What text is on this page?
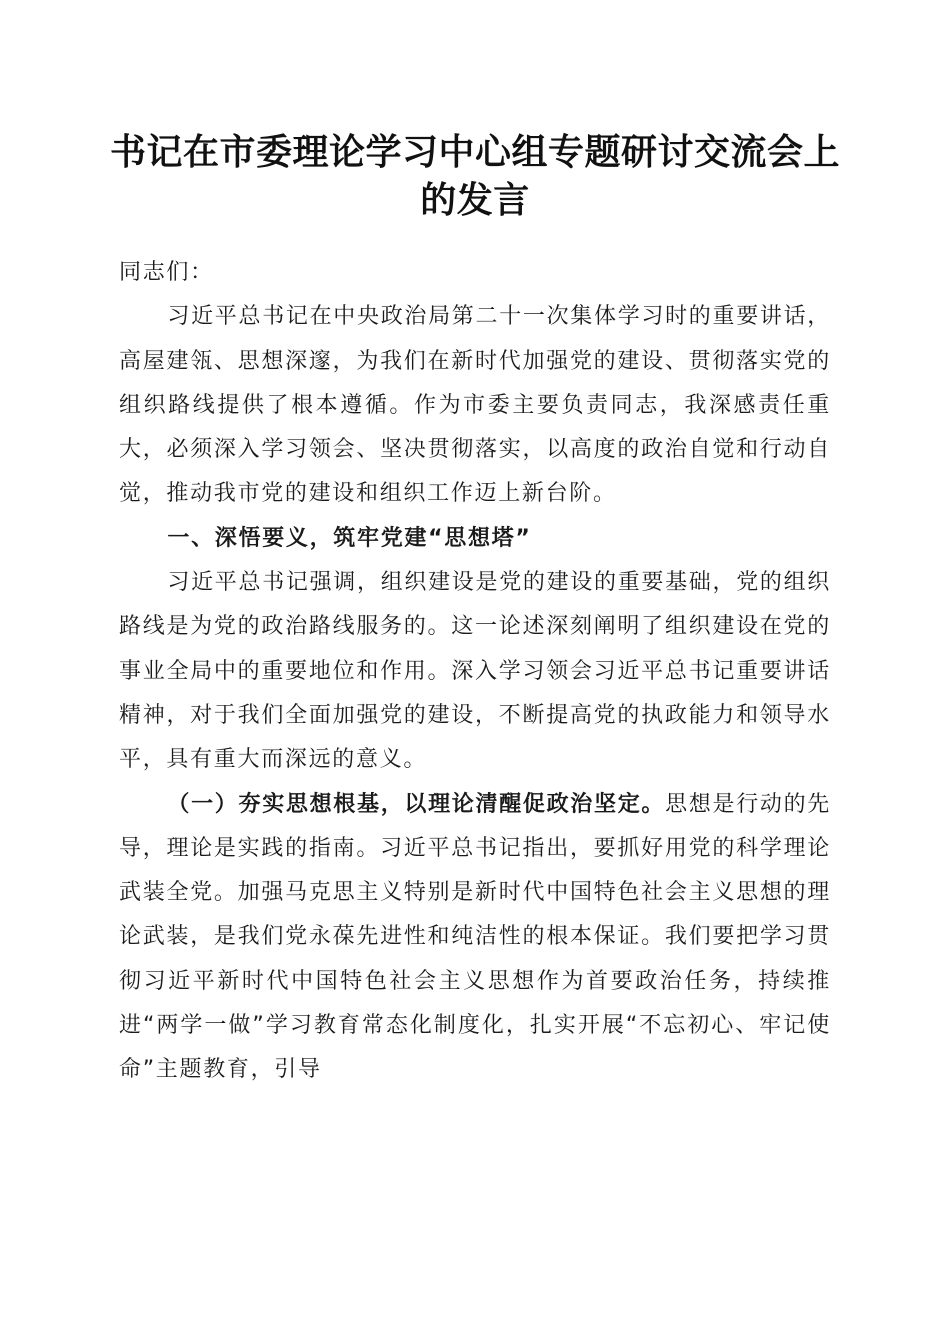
书记在市委理论学习中心组专题研讨交流会上的发言

同志们：

习近平总书记在中央政治局第二十一次集体学习时的重要讲话，高屋建瓴、思想深邃，为我们在新时代加强党的建设、贯彻落实党的组织路线提供了根本遵循。作为市委主要负责同志，我深感责任重大，必须深入学习领会、坚决贯彻落实，以高度的政治自觉和行动自觉，推动我市党的建设和组织工作迈上新台阶。

一、深悟要义，筑牢党建“思想塔”

习近平总书记强调，组织建设是党的建设的重要基础，党的组织路线是为党的政治路线服务的。这一论述深刻阐明了组织建设在党的事业全局中的重要地位和作用。深入学习领会习近平总书记重要讲话精神，对于我们全面加强党的建设，不断提高党的执政能力和领导水平，具有重大而深远的意义。

（一）夯实思想根基，以理论清醒促政治坚定。思想是行动的先导，理论是实践的指南。习近平总书记指出，要抓好用党的科学理论武装全党。加强马克思主义特别是新时代中国特色社会主义思想的理论武装，是我们党永葆先进性和纯洁性的根本保证。我们要把学习贯彻习近平新时代中国特色社会主义思想作为首要政治任务，持续推进“两学一做”学习教育常态化制度化，扎实开展“不忘初心、牢记使命”主题教育，引导
